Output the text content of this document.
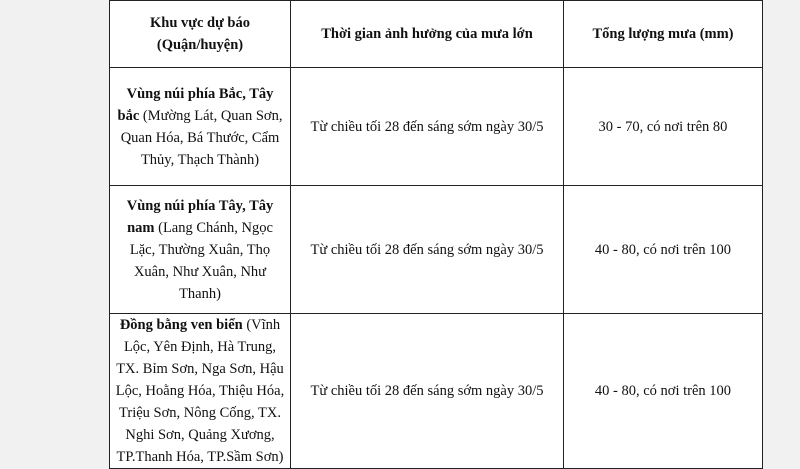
Khu vực dự báo
(Quận/huyện)	Thời gian ảnh hưởng của mưa lớn	Tổng lượng mưa (mm)
Vùng núi phía Bắc, Tây bắc (Mường Lát, Quan Sơn, Quan Hóa, Bá Thước, Cẩm Thủy, Thạch Thành)	Từ chiều tối 28 đến sáng sớm ngày 30/5	30 - 70, có nơi trên 80
Vùng núi phía Tây, Tây nam (Lang Chánh, Ngọc Lặc, Thường Xuân, Thọ Xuân, Như Xuân, Như Thanh)	Từ chiều tối 28 đến sáng sớm ngày 30/5	40 - 80, có nơi trên 100
Đồng bằng ven biển (Vĩnh Lộc, Yên Định, Hà Trung, TX. Bỉm Sơn, Nga Sơn, Hậu Lộc, Hoằng Hóa, Thiệu Hóa, Triệu Sơn, Nông Cống, TX. Nghi Sơn, Quảng Xương, TP.Thanh Hóa, TP.Sầm Sơn)	Từ chiều tối 28 đến sáng sớm ngày 30/5	40 - 80, có nơi trên 100
